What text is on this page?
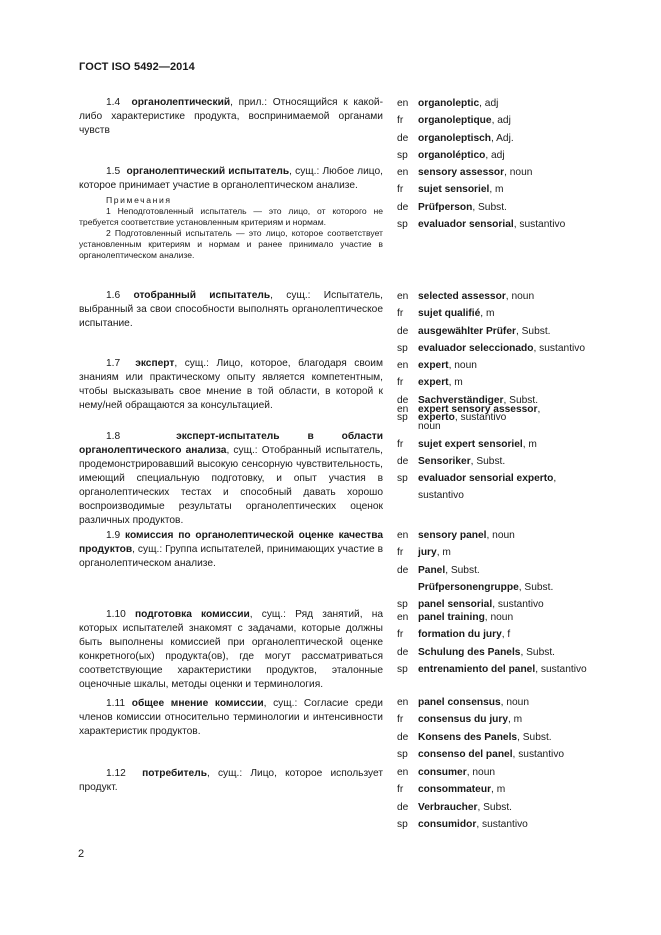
ГОСТ ISO 5492—2014

1.4 органолептический, прил.: Относящийся к какой-либо характеристике продукта, воспринимаемой органами чувств

en organoleptic, adj
fr	organoleptique, adj
de organoleptisch, Adj.
sp	organoléptico, adj

1.5 органолептический испытатель, сущ.: Любое лицо, которое принимает участие в органолептическом анализе.

Примечания

1 Неподготовленный испытатель — это лицо, от которого не требуется соответствие установленным критериям и нормам.

2 Подготовленный испытатель — это лицо, которое соответствует установленным критериям и нормам и ранее принимало участие в органолептическом анализе.

en sensory assessor, noun
fr	sujet sensoriel, m
de Prüfperson, Subst.
sp	evaluador sensorial, sustantivo

1.6 отобранный испытатель, сущ.: Испытатель, выбранный за свои способности выполнять органолептическое испытание.

en selected assessor, noun
fr	sujet qualifié, m
de ausgewählter Prüfer, Subst.
sp	evaluador seleccionado, sustantivo

1.7 эксперт, сущ.: Лицо, которое, благодаря своим знаниям или практическому опыту является компетентным, чтобы высказывать свое мнение в той области, в которой к нему/ней обращаются за консультацией.

en expert, noun
fr	expert, m
de Sachverständiger, Subst.
sp	experto, sustantivo

1.8	эксперт-испытатель в области органолептического анализа, сущ.: Отобранный испытатель, продемонстрировавший высокую сенсорную чувствительность, имеющий специальную подготовку, и опыт участия в органолептических тестах и способный давать хорошо воспроизводимые результаты органолептических оценок различных продуктов.

en expert sensory assessor,
noun
fr	sujet expert sensoriel, m
de Sensoriker, Subst.
sp	evaluador sensorial experto,
sustantivo

1.9 комиссия по органолептической оценке качества продуктов, сущ.: Группа испытателей, принимающих участие в органолептическом анализе.

en sensory panel, noun
fr	jury, m
de Panel, Subst.
Prüfpersonengruppe, Subst.
sp	panel sensorial, sustantivo

1.10 подготовка комиссии, сущ.: Ряд занятий, на которых испытателей знакомят с задачами, которые должны быть выполнены комиссией при органолептической оценке конкретного(ых) продукта(ов), где могут рассматриваться соответствующие характеристики продуктов, эталонные оценочные шкалы, методы оценки и терминология.

en panel training, noun
fr	formation du jury, f
de Schulung des Panels, Subst.
sp	entrenamiento del panel, sustantivo

1.11 общее мнение комиссии, сущ.: Согласие среди членов комиссии относительно терминологии и интенсивности характеристик продуктов.

en panel consensus, noun
fr	consensus du jury, m
de Konsens des Panels, Subst.
sp	consenso del panel, sustantivo

1.12 потребитель, сущ.: Лицо, которое использует продукт.

en consumer, noun
fr	consommateur, m
de Verbraucher, Subst.
sp	consumidor, sustantivo
2
